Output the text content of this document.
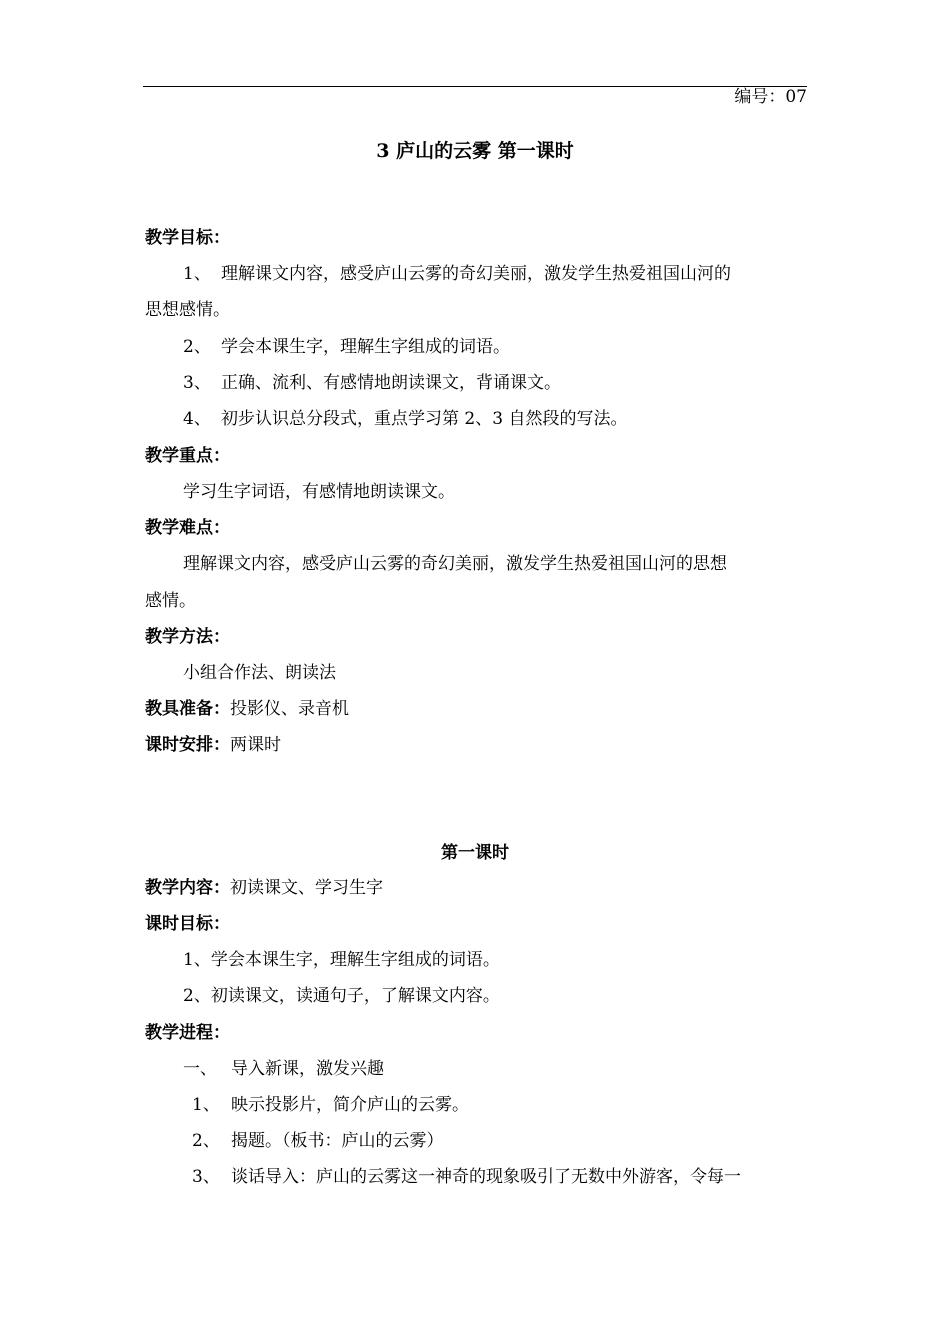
编号：07
3 庐山的云雾 第一课时
教学目标：
1、 理解课文内容，感受庐山云雾的奇幻美丽，激发学生热爱祖国山河的
思想感情。
2、 学会本课生字，理解生字组成的词语。
3、 正确、流利、有感情地朗读课文，背诵课文。
4、 初步认识总分段式，重点学习第 2、3 自然段的写法。
教学重点：
学习生字词语，有感情地朗读课文。
教学难点：
理解课文内容，感受庐山云雾的奇幻美丽，激发学生热爱祖国山河的思想
感情。
教学方法：
小组合作法、朗读法
教具准备：投影仪、录音机
课时安排：两课时
第一课时
教学内容：初读课文、学习生字
课时目标：
1、学会本课生字，理解生字组成的词语。
2、初读课文，读通句子，了解课文内容。
教学进程：
一、 导入新课，激发兴趣
1、 映示投影片，简介庐山的云雾。
2、 揭题。（板书：庐山的云雾）
3、 谈话导入：庐山的云雾这一神奇的现象吸引了无数中外游客，令每一
